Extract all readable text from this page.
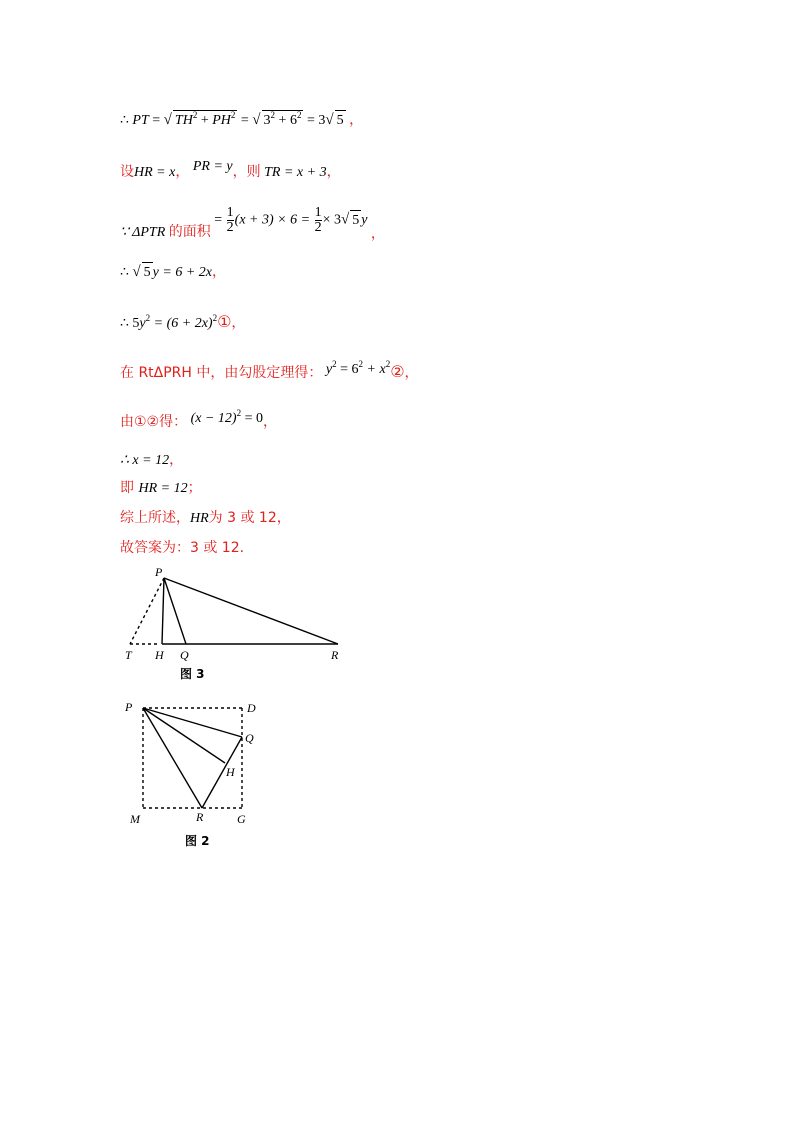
∴ PT = √ $TH^2 + PH^2$ = √ $3^2 + 6^2 = 3√$ 5 ，
设HR = x， PR = y，则 TR = x + 3，
∵ ΔPTR 的面积 = $\frac{1}{2} (x + 3) \times 6 = \frac{1}{2} \times 3√$ 5 y ，
∴ √ 5 y = 6 + 2x，
∴ $5y^2 = (6$ + $2x)^2①$，
在 RtΔPRH 中，由勾股定理得： $y^2 = 6^2$ + $x^2②$，
由①②得： $(x - 12)^2 = 0$，
∴ x = 12，
即 HR = 12；
综上所述，HR为 3 或 12，
故答案为：3 或 12.
P
T H Q	R
图 3
P	D
Q
H
M	R	G
图 2
